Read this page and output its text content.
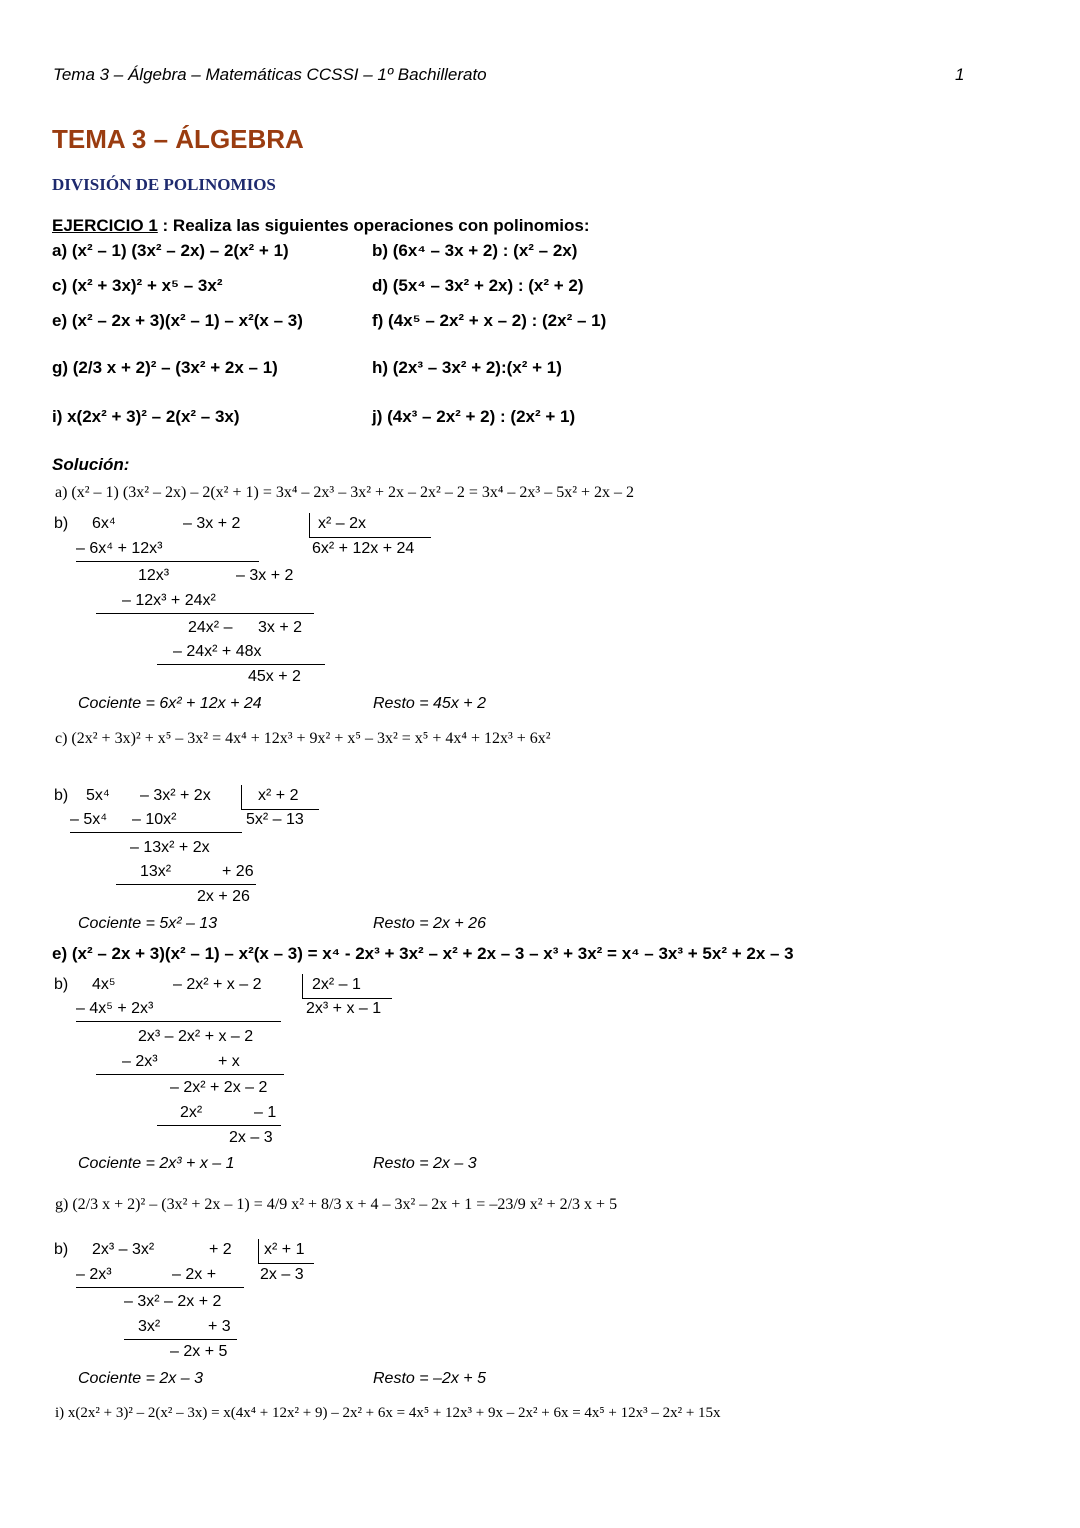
Tema 3 – Álgebra – Matemáticas CCSSI – 1º Bachillerato	1
TEMA 3 – ÁLGEBRA
DIVISIÓN DE POLINOMIOS
EJERCICIO 1 : Realiza las siguientes operaciones con polinomios:
a) (x² – 1) (3x² – 2x) – 2(x² + 1)	b) (6x⁴ – 3x + 2) : (x² – 2x)
c) (x² + 3x)² + x⁵ – 3x²	d) (5x⁴ – 3x² + 2x) : (x² + 2)
e) (x² – 2x + 3)(x² – 1) – x²(x – 3)	f) (4x⁵ – 2x² + x – 2) : (2x² – 1)
g) (2/3 x + 2)² – (3x² + 2x – 1)	h) (2x³ – 3x² + 2):(x² + 1)
i) x(2x² + 3)² – 2(x² – 3x)	j) (4x³ – 2x² + 2) : (2x² + 1)
Solución:
a) (x² – 1) (3x² – 2x) – 2(x² + 1) = 3x⁴ – 2x³ – 3x² + 2x – 2x² – 2 = 3x⁴ – 2x³ – 5x² + 2x – 2
b) 6x⁴	– 3x + 2	x² – 2x
6x² + 12x + 24
– 6x⁴ + 12x³
12x³	– 3x + 2
– 12x³ + 24x²
24x² – 3x + 2
– 24x² + 48x
45x + 2
Cociente = 6x² + 12x + 24	Resto = 45x + 2
c) (2x² + 3x)² + x⁵ – 3x² = 4x⁴ + 12x³ + 9x² + x⁵ – 3x² = x⁵ + 4x⁴ + 12x³ + 6x²
b) 5x⁴ – 3x² + 2x	x² + 2
5x² – 13
– 5x⁴ – 10x²
– 13x² + 2x
13x²	+ 26
2x + 26
Cociente = 5x² – 13	Resto = 2x + 26
e) (x² – 2x + 3)(x² – 1) – x²(x – 3) = x⁴ - 2x³ + 3x² – x² + 2x – 3 – x³ + 3x² = x⁴ – 3x³ + 5x² + 2x – 3
b) 4x⁵	– 2x² + x – 2	2x² – 1
2x³ + x – 1
– 4x⁵ + 2x³
2x³ – 2x² + x – 2
– 2x³	+ x
– 2x² + 2x – 2
2x²	– 1
2x – 3
Cociente = 2x³ + x – 1	Resto = 2x – 3
g) (2/3 x + 2)² – (3x² + 2x – 1) = 4/9 x² + 8/3 x + 4 – 3x² – 2x + 1 = –23/9 x² + 2/3 x + 5
b) 2x³ – 3x²	+ 2 x² + 1
2x – 3
– 2x³	– 2x +
– 3x² – 2x + 2
3x²	+ 3
– 2x + 5
Cociente = 2x – 3	Resto = –2x + 5
i) x(2x² + 3)² – 2(x² – 3x) = x(4x⁴ + 12x² + 9) – 2x² + 6x = 4x⁵ + 12x³ + 9x – 2x² + 6x = 4x⁵ + 12x³ – 2x² + 15x
